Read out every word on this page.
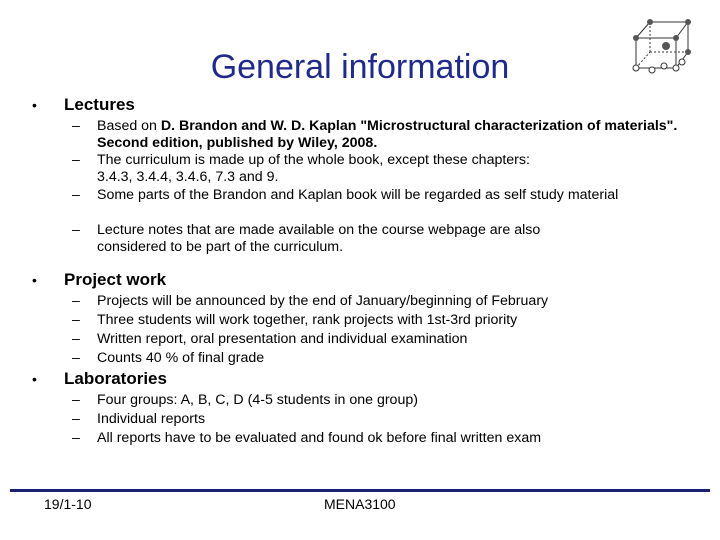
General information
• Lectures
– Based on D. Brandon and W. D. Kaplan "Microstructural characterization of materials". Second edition, published by Wiley, 2008.
– The curriculum is made up of the whole book, except these chapters: 3.4.3, 3.4.4, 3.4.6, 7.3 and 9.
– Some parts of the Brandon and Kaplan book will be regarded as self study material
– Lecture notes that are made available on the course webpage are also considered to be part of the curriculum.
• Project work
– Projects will be announced by the end of January/beginning of February
– Three students will work together, rank projects with 1st-3rd priority
– Written report, oral presentation and individual examination
– Counts 40 % of final grade
• Laboratories
– Four groups: A, B, C, D (4-5 students in one group)
– Individual reports
– All reports have to be evaluated and found ok before final written exam
19/1-10	MENA3100
